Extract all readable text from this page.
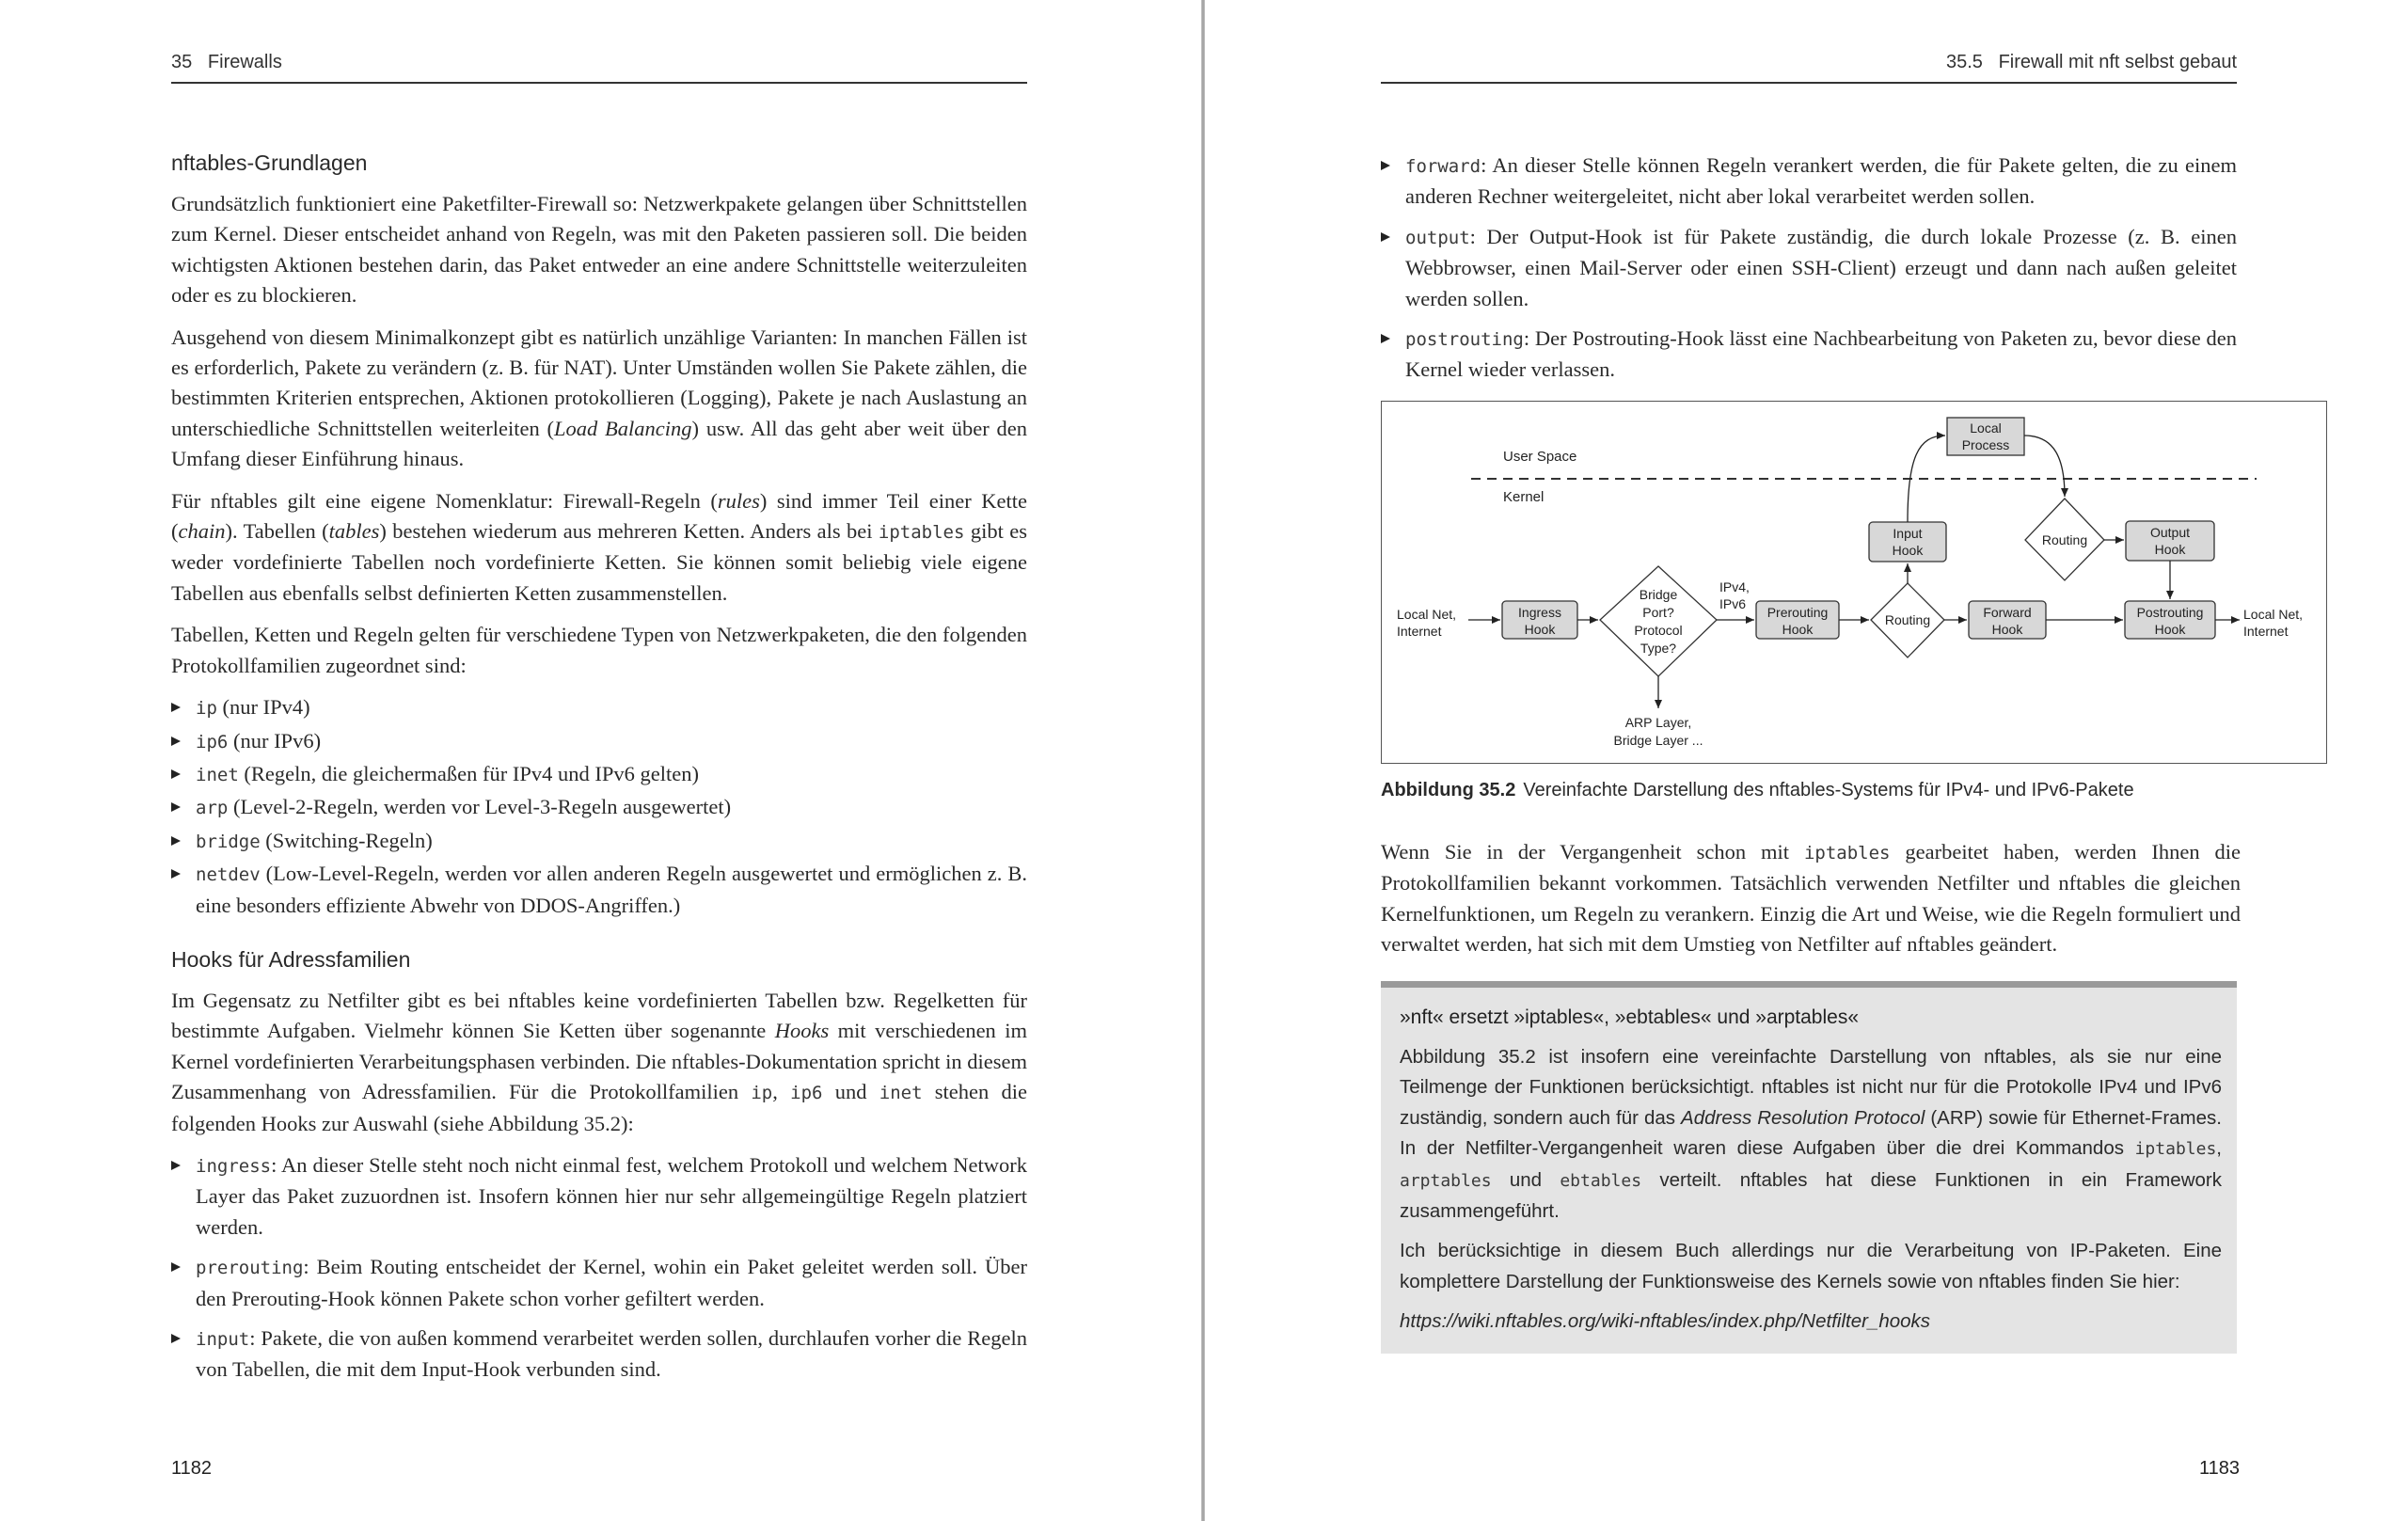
35 Firewalls
nftables-Grundlagen

Grundsätzlich funktioniert eine Paketfilter-Firewall so: Netzwerkpakete gelangen über Schnittstellen zum Kernel. Dieser entscheidet anhand von Regeln, was mit den Paketen passieren soll. Die beiden wichtigsten Aktionen bestehen darin, das Paket entweder an eine andere Schnittstelle weiterzuleiten oder es zu blockieren.

Ausgehend von diesem Minimalkonzept gibt es natürlich unzählige Varianten: In manchen Fällen ist es erforderlich, Pakete zu verändern (z. B. für NAT). Unter Umständen wollen Sie Pakete zählen, die bestimmten Kriterien entsprechen, Aktionen protokollieren (Logging), Pakete je nach Auslastung an unterschiedliche Schnittstellen weiterleiten (Load Balancing) usw. All das geht aber weit über den Umfang dieser Einführung hinaus.

Für nftables gilt eine eigene Nomenklatur: Firewall-Regeln (rules) sind immer Teil einer Kette (chain). Tabellen (tables) bestehen wiederum aus mehreren Ketten. Anders als bei iptables gibt es weder vordefinierte Tabellen noch vordefinierte Ketten. Sie können somit beliebig viele eigene Tabellen aus ebenfalls selbst definierten Ketten zusammenstellen.

Tabellen, Ketten und Regeln gelten für verschiedene Typen von Netzwerkpaketen, die den folgenden Protokollfamilien zugeordnet sind:

ip (nur IPv4)
ip6 (nur IPv6)
inet (Regeln, die gleichermaßen für IPv4 und IPv6 gelten)
arp (Level-2-Regeln, werden vor Level-3-Regeln ausgewertet)
bridge (Switching-Regeln)
netdev (Low-Level-Regeln, werden vor allen anderen Regeln ausgewertet und ermöglichen z. B. eine besonders effiziente Abwehr von DDOS-Angriffen.)
Hooks für Adressfamilien

Im Gegensatz zu Netfilter gibt es bei nftables keine vordefinierten Tabellen bzw. Regelketten für bestimmte Aufgaben. Vielmehr können Sie Ketten über sogenannte Hooks mit verschiedenen im Kernel vordefinierten Verarbeitungsphasen verbinden. Die nftables-Dokumentation spricht in diesem Zusammenhang von Adressfamilien. Für die Protokollfamilien ip, ip6 und inet stehen die folgenden Hooks zur Auswahl (siehe Abbildung 35.2):

ingress: An dieser Stelle steht noch nicht einmal fest, welchem Protokoll und welchem Network Layer das Paket zuzuordnen ist. Insofern können hier nur sehr allgemeingültige Regeln platziert werden.
prerouting: Beim Routing entscheidet der Kernel, wohin ein Paket geleitet werden soll. Über den Prerouting-Hook können Pakete schon vorher gefiltert werden.
input: Pakete, die von außen kommend verarbeitet werden sollen, durchlaufen vorher die Regeln von Tabellen, die mit dem Input-Hook verbunden sind.
1182
35.5 Firewall mit nft selbst gebaut
forward: An dieser Stelle können Regeln verankert werden, die für Pakete gelten, die zu einem anderen Rechner weitergeleitet, nicht aber lokal verarbeitet werden sollen.
output: Der Output-Hook ist für Pakete zuständig, die durch lokale Prozesse (z. B. einen Webbrowser, einen Mail-Server oder einen SSH-Client) erzeugt und dann nach außen geleitet werden sollen.
postrouting: Der Postrouting-Hook lässt eine Nachbearbeitung von Paketen zu, bevor diese den Kernel wieder verlassen.
User Space
Kernel
Local
Process
Input
Hook
Routing	Output
Hook
Local Net,
Internet
Ingress
Hook
Bridge
Port?
Protocol
Type?
IPv4,
IPv6
Prerouting
Hook
Routing	Forward
Hook
Postrouting
Hook
Local Net,
Internet
ARP Layer,
Bridge Layer ...
Abbildung 35.2 Vereinfachte Darstellung des nftables-Systems für IPv4- und IPv6-Pakete

Wenn Sie in der Vergangenheit schon mit iptables gearbeitet haben, werden Ihnen die Protokollfamilien bekannt vorkommen. Tatsächlich verwenden Netfilter und nftables die gleichen Kernelfunktionen, um Regeln zu verankern. Einzig die Art und Weise, wie die Regeln formuliert und verwaltet werden, hat sich mit dem Umstieg von Netfilter auf nftables geändert.

»nft« ersetzt »iptables«, »ebtables« und »arptables«

Abbildung 35.2 ist insofern eine vereinfachte Darstellung von nftables, als sie nur eine Teilmenge der Funktionen berücksichtigt. nftables ist nicht nur für die Protokolle IPv4 und IPv6 zuständig, sondern auch für das Address Resolution Protocol (ARP) sowie für Ethernet-Frames. In der Netfilter-Vergangenheit waren diese Aufgaben über die drei Kommandos iptables, arptables und ebtables verteilt. nftables hat diese Funktionen in ein Framework zusammengeführt.

Ich berücksichtige in diesem Buch allerdings nur die Verarbeitung von IP-Paketen. Eine komplettere Darstellung der Funktionsweise des Kernels sowie von nftables finden Sie hier:

https://wiki.nftables.org/wiki-nftables/index.php/Netfilter_hooks

1183
